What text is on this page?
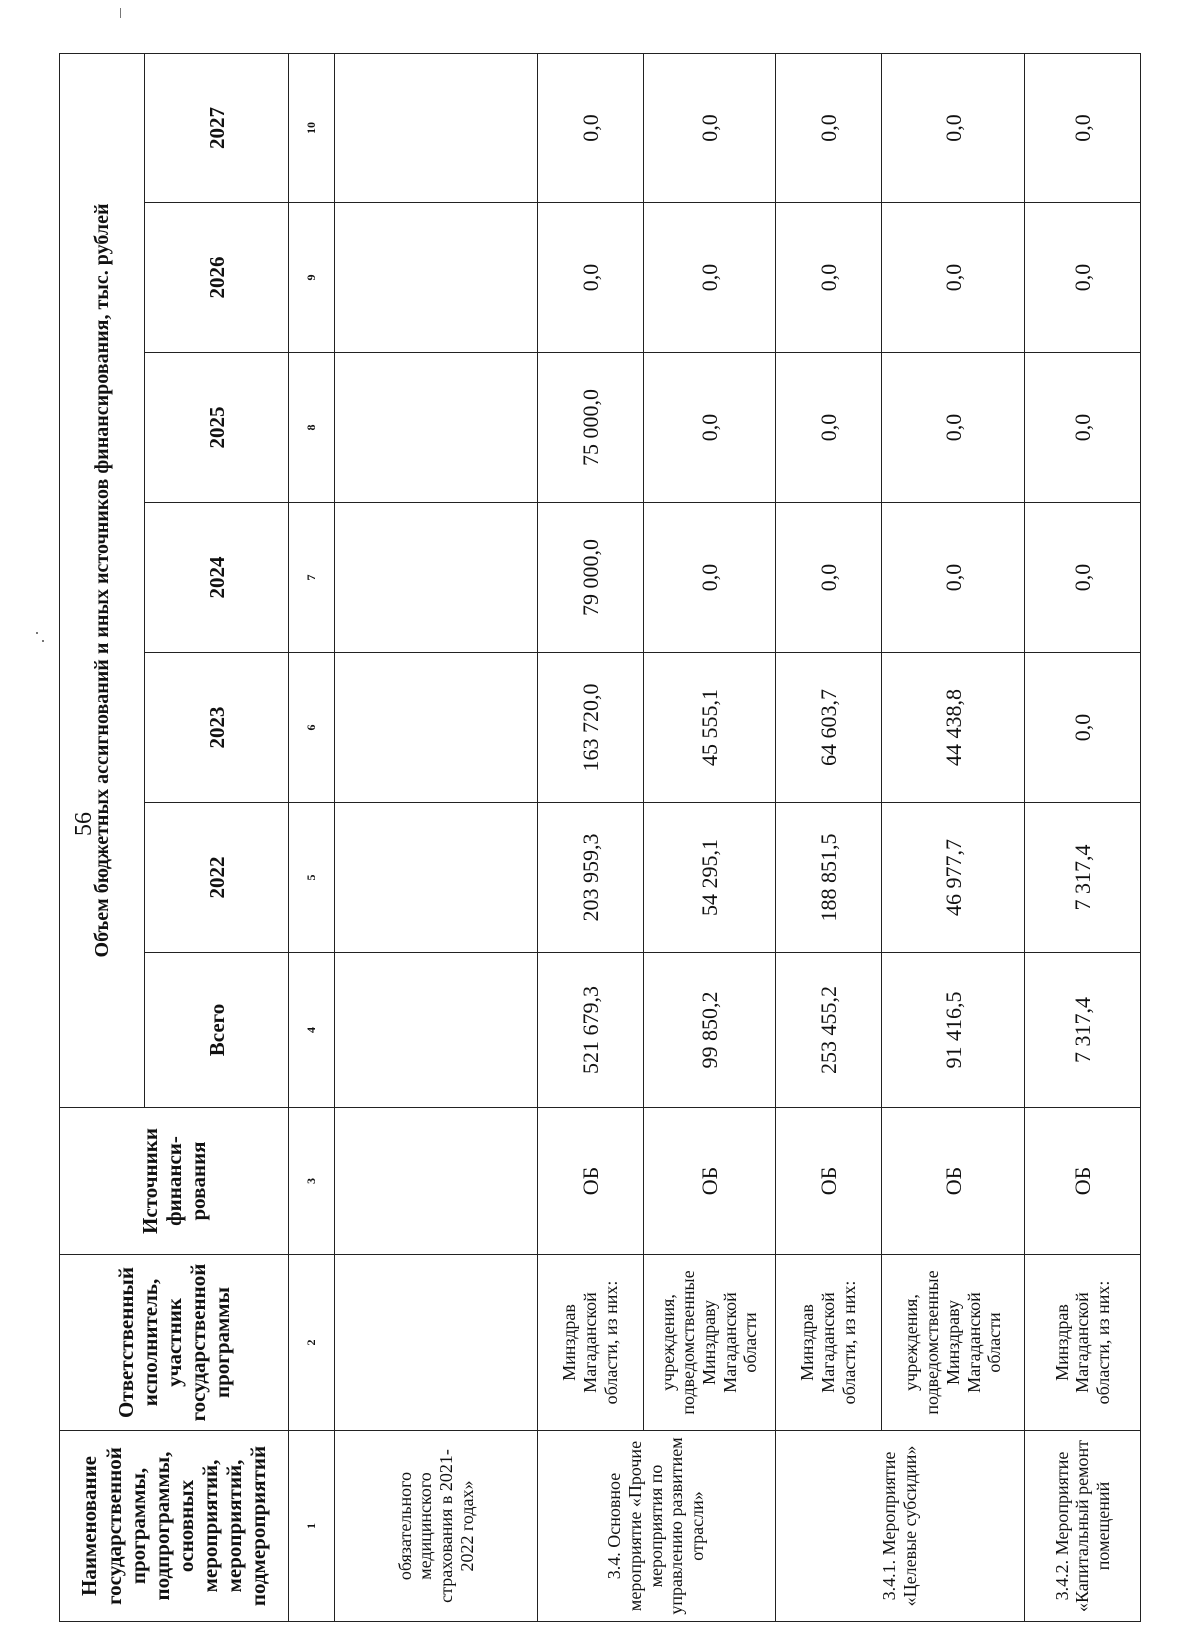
56
Наименование государственной программы, подпрограммы, основных мероприятий, мероприятий, подмероприятий	Ответственный исполнитель, участник государственной программы	Источники финанси-рования	Объем бюджетных ассигнований и иных источников финансирования, тыс. рублей						
			Всего	2022	2023	2024	2025	2026	2027
1	2	3	4	5	6	7	8	9	10
обязательного медицинского страхования в 2021-2022 годах»									
3.4. Основное мероприятие «Прочие мероприятия по управлению развитием отрасли»	Минздрав Магаданской области, из них:	ОБ	521 679,3	203 959,3	163 720,0	79 000,0	75 000,0	0,0	0,0
	учреждения, подведомственные Минздраву Магаданской области	ОБ	99 850,2	54 295,1	45 555,1	0,0	0,0	0,0	0,0
3.4.1. Мероприятие «Целевые субсидии»	Минздрав Магаданской области, из них:	ОБ	253 455,2	188 851,5	64 603,7	0,0	0,0	0,0	0,0
	учреждения, подведомственные Минздраву Магаданской области	ОБ	91 416,5	46 977,7	44 438,8	0,0	0,0	0,0	0,0
3.4.2. Мероприятие «Капитальный ремонт помещений	Минздрав Магаданской области, из них:	ОБ	7 317,4	7 317,4	0,0	0,0	0,0	0,0	0,0
